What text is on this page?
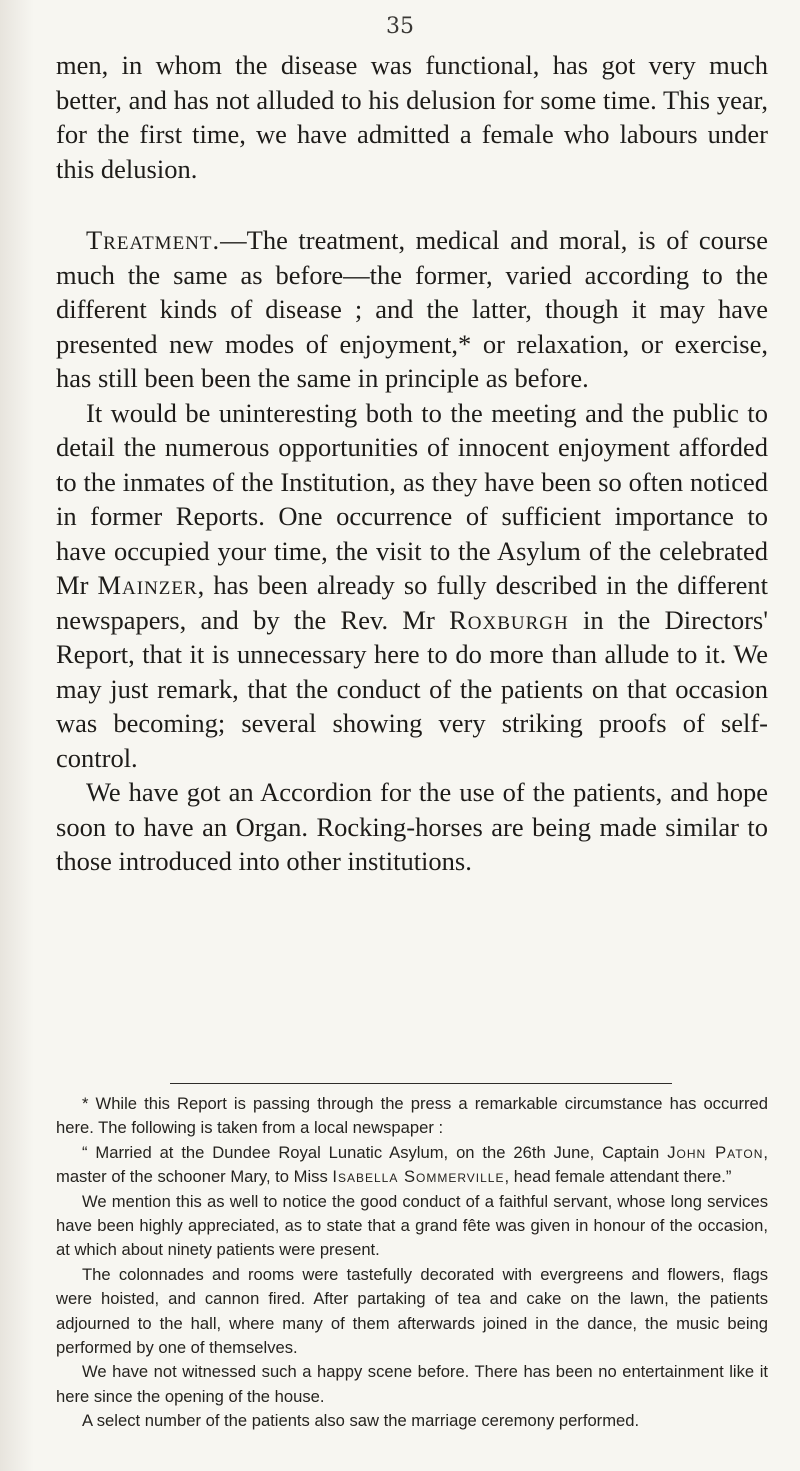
35

men, in whom the disease was functional, has got very much better, and has not alluded to his delusion for some time. This year, for the first time, we have admitted a female who labours under this delusion.

Treatment.—The treatment, medical and moral, is of course much the same as before—the former, varied according to the different kinds of disease ; and the latter, though it may have presented new modes of enjoyment,* or relaxation, or exercise, has still been been the same in principle as before.

It would be uninteresting both to the meeting and the public to detail the numerous opportunities of innocent enjoyment afforded to the inmates of the Institution, as they have been so often noticed in former Reports. One occurrence of sufficient importance to have occupied your time, the visit to the Asylum of the celebrated Mr Mainzer, has been already so fully described in the different newspapers, and by the Rev. Mr Roxburgh in the Directors' Report, that it is unnecessary here to do more than allude to it. We may just remark, that the conduct of the patients on that occasion was becoming; several showing very striking proofs of self-control.

We have got an Accordion for the use of the patients, and hope soon to have an Organ. Rocking-horses are being made similar to those introduced into other institutions.

* While this Report is passing through the press a remarkable circumstance has occurred here. The following is taken from a local newspaper :

“ Married at the Dundee Royal Lunatic Asylum, on the 26th June, Captain John Paton, master of the schooner Mary, to Miss Isabella Sommerville, head female attendant there.”

We mention this as well to notice the good conduct of a faithful servant, whose long services have been highly appreciated, as to state that a grand fête was given in honour of the occasion, at which about ninety patients were present.

The colonnades and rooms were tastefully decorated with evergreens and flowers, flags were hoisted, and cannon fired. After partaking of tea and cake on the lawn, the patients adjourned to the hall, where many of them afterwards joined in the dance, the music being performed by one of themselves.

We have not witnessed such a happy scene before. There has been no entertainment like it here since the opening of the house.

A select number of the patients also saw the marriage ceremony performed.
